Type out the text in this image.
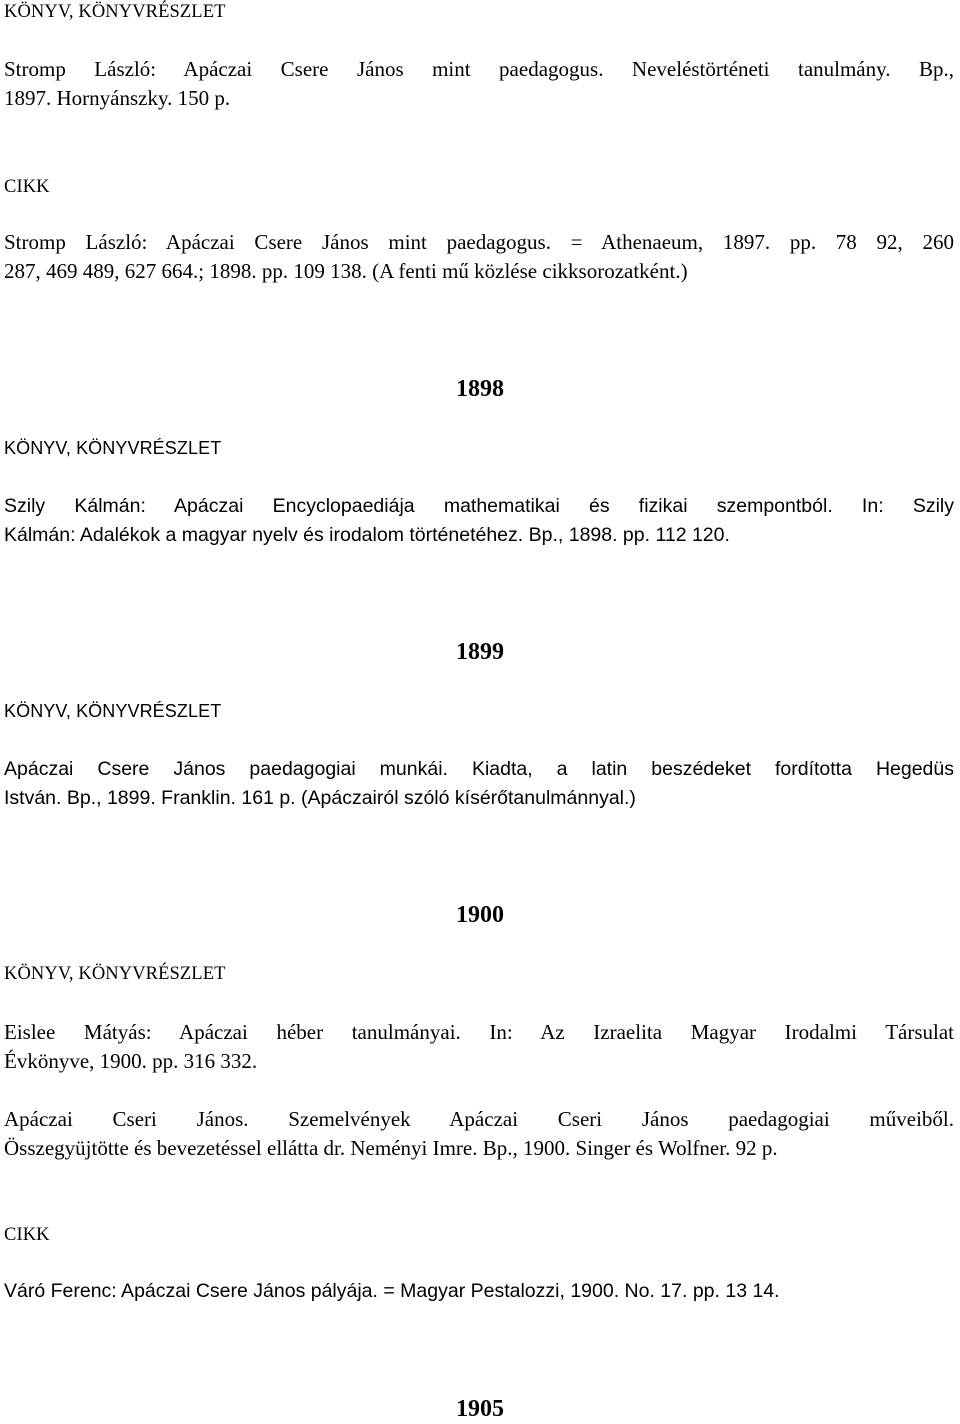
KÖNYV, KÖNYVRÉSZLET
Stromp László: Apáczai Csere János mint paedagogus. Neveléstörténeti tanulmány. Bp.,
1897. Hornyánszky. 150 p.
CIKK
Stromp László: Apáczai Csere János mint paedagogus. = Athenaeum, 1897. pp. 78 92, 260
287, 469 489, 627 664.; 1898. pp. 109 138. (A fenti mű közlése cikksorozatként.)
1898
KÖNYV, KÖNYVRÉSZLET
Szily Kálmán: Apáczai Encyclopaediája mathematikai és fizikai szempontból. In: Szily
Kálmán: Adalékok a magyar nyelv és irodalom történetéhez. Bp., 1898. pp. 112 120.
1899
KÖNYV, KÖNYVRÉSZLET
Apáczai Csere János paedagogiai munkái. Kiadta, a latin beszédeket fordította Hegedüs
István. Bp., 1899. Franklin. 161 p. (Apáczairól szóló kísérőtanulmánnyal.)
1900
KÖNYV, KÖNYVRÉSZLET
Eislee Mátyás: Apáczai héber tanulmányai. In: Az Izraelita Magyar Irodalmi Társulat
Évkönyve, 1900. pp. 316 332.
Apáczai Cseri János. Szemelvények Apáczai Cseri János paedagogiai műveiből.
Összegyüjtötte és bevezetéssel ellátta dr. Neményi Imre. Bp., 1900. Singer és Wolfner. 92 p.
CIKK
Váró Ferenc: Apáczai Csere János pályája. = Magyar Pestalozzi, 1900. No. 17. pp. 13 14.
1905
